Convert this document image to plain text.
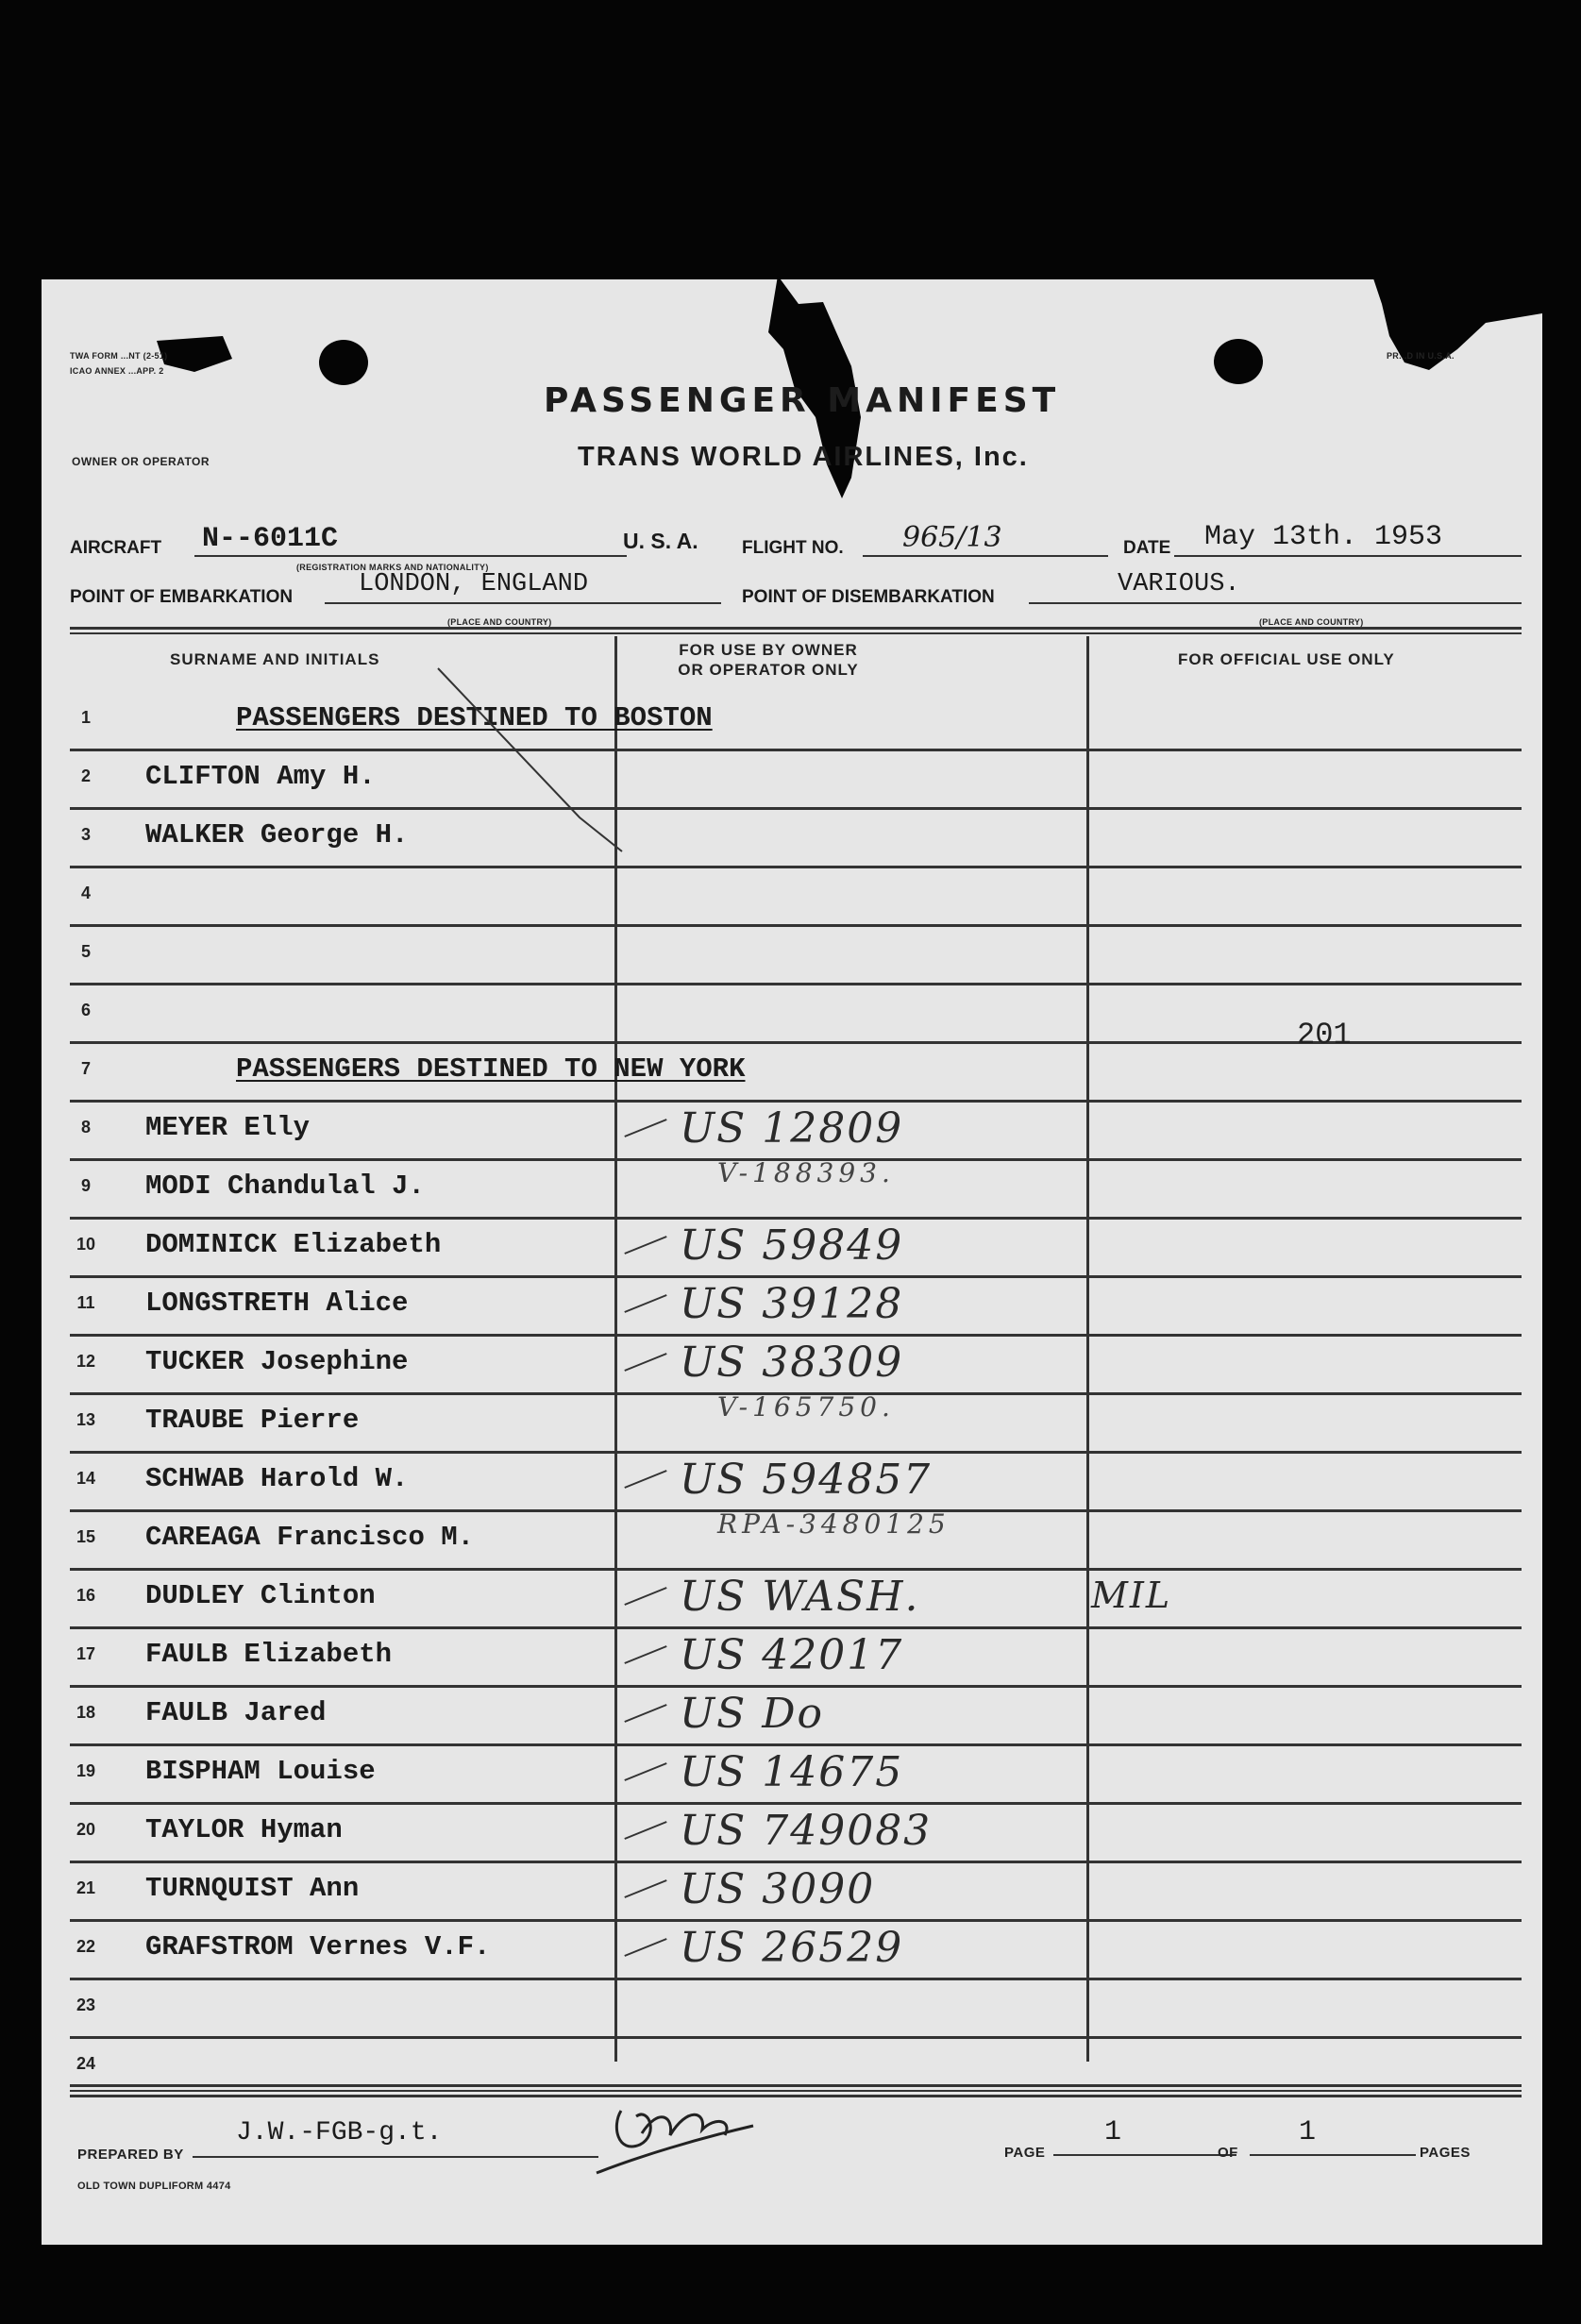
TWA FORM ...NT (2-51)
ICAO ANNEX ...APP. 2
PR...D IN U.S.A.
OWNER OR OPERATOR
PASSENGER MANIFEST
TRANS WORLD AIRLINES, Inc.
AIRCRAFT N--6011C	U. S. A.
(REGISTRATION MARKS AND NATIONALITY)
FLIGHT NO. 965/13	DATE May 13th. 1953
POINT OF EMBARKATION	LONDON, ENGLAND
(PLACE AND COUNTRY)
POINT OF DISEMBARKATION	VARIOUS.
(PLACE AND COUNTRY)
SURNAME AND INITIALS
FOR USE BY OWNER
OR OPERATOR ONLY
FOR OFFICIAL USE ONLY
1	PASSENGERS DESTINED TO BOSTON
2	CLIFTON Amy H.
3	WALKER George H.
4
5
6
7	PASSENGERS DESTINED TO NEW YORK
8	MEYER Elly	US 12809
9	MODI Chandulal J.	V-188393.
10 DOMINICK Elizabeth	US 59849
11 LONGSTRETH Alice	US 39128
12 TUCKER Josephine	US 38309
13 TRAUBE Pierre	V-165750.
14 SCHWAB Harold W.	US 594857
15 CAREAGA Francisco M.	RPA-3480125
16 DUDLEY Clinton	US WASH.	MIL
17 FAULB Elizabeth	US 42017
18 FAULB Jared	US Do
19 BISPHAM Louise	US 14675
20 TAYLOR Hyman	US 749083
21 TURNQUIST Ann	US 3090
22 GRAFSTROM Vernes V.F.	US 26529
23
24
201
PREPARED BY
J.W.-FGB-g.t.
PAGE
1
OF
1
PAGES
OLD TOWN DUPLIFORM 4474
